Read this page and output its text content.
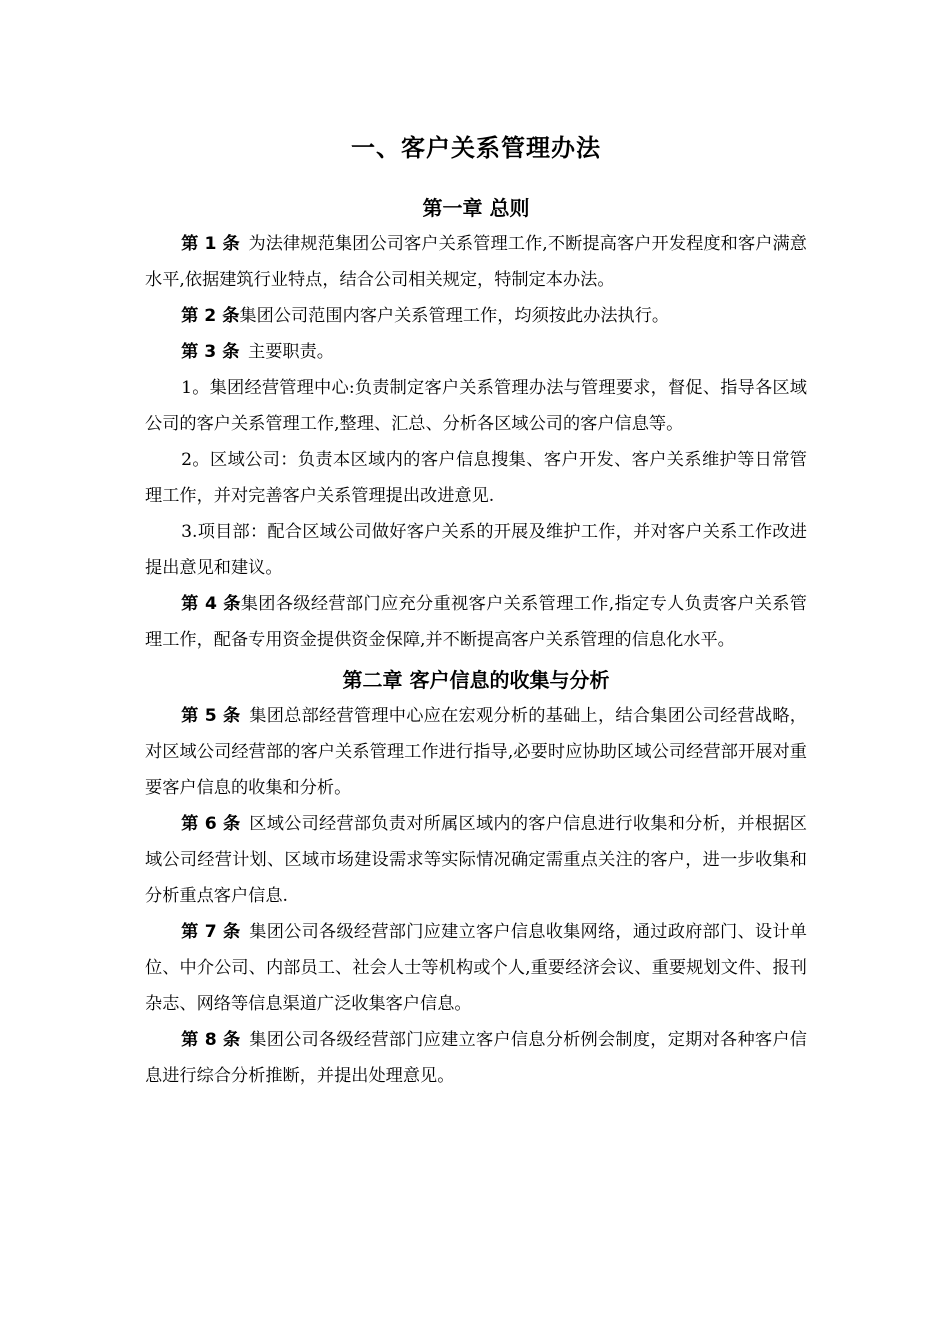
一、客户关系管理办法
第一章 总则

第 1 条 为法律规范集团公司客户关系管理工作,不断提高客户开发程度和客户满意水平,依据建筑行业特点，结合公司相关规定，特制定本办法。

第 2 条集团公司范围内客户关系管理工作，均须按此办法执行。

第 3 条 主要职责。

1。集团经营管理中心:负责制定客户关系管理办法与管理要求，督促、指导各区域公司的客户关系管理工作,整理、汇总、分析各区域公司的客户信息等。

2。区域公司：负责本区域内的客户信息搜集、客户开发、客户关系维护等日常管理工作，并对完善客户关系管理提出改进意见.

3.项目部：配合区域公司做好客户关系的开展及维护工作，并对客户关系工作改进提出意见和建议。

第 4 条集团各级经营部门应充分重视客户关系管理工作,指定专人负责客户关系管理工作，配备专用资金提供资金保障,并不断提高客户关系管理的信息化水平。

第二章 客户信息的收集与分析

第 5 条 集团总部经营管理中心应在宏观分析的基础上，结合集团公司经营战略，对区域公司经营部的客户关系管理工作进行指导,必要时应协助区域公司经营部开展对重要客户信息的收集和分析。

第 6 条 区域公司经营部负责对所属区域内的客户信息进行收集和分析，并根据区域公司经营计划、区域市场建设需求等实际情况确定需重点关注的客户，进一步收集和分析重点客户信息.

第 7 条 集团公司各级经营部门应建立客户信息收集网络，通过政府部门、设计单位、中介公司、内部员工、社会人士等机构或个人,重要经济会议、重要规划文件、报刊杂志、网络等信息渠道广泛收集客户信息。

第 8 条 集团公司各级经营部门应建立客户信息分析例会制度，定期对各种客户信息进行综合分析推断，并提出处理意见。
